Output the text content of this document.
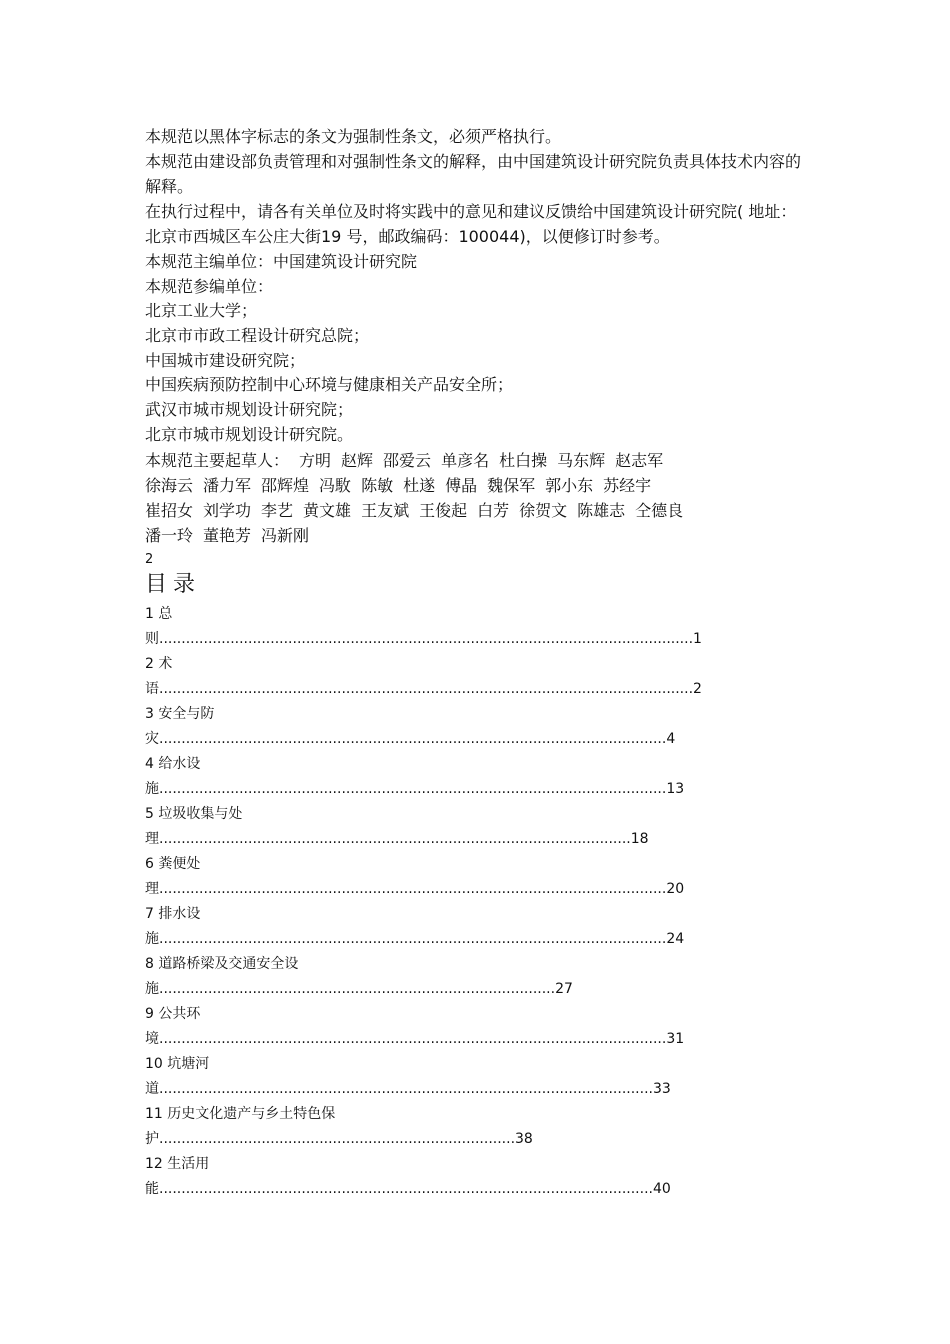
本规范以黑体字标志的条文为强制性条文，必须严格执行。

本规范由建设部负责管理和对强制性条文的解释，由中国建筑设计研究院负责具体技术内容的解释。

在执行过程中，请各有关单位及时将实践中的意见和建议反馈给中国建筑设计研究院( 地址：北京市西城区车公庄大街19 号，邮政编码：100044)，以便修订时参考。

本规范主编单位：中国建筑设计研究院

本规范参编单位：

北京工业大学；

北京市市政工程设计研究总院；

中国城市建设研究院；

中国疾病预防控制中心环境与健康相关产品安全所；

武汉市城市规划设计研究院；

北京市城市规划设计研究院。

本规范主要起草人： 方明 赵辉 邵爱云 单彦名 杜白操 马东辉 赵志军

徐海云 潘力军 邵辉煌 冯駇 陈敏 杜遂 傅晶 魏保军 郭小东 苏经宇

崔招女 刘学功 李艺 黄文雄 王友斌 王俊起 白芳 徐贺文 陈雄志 仝德良

潘一玲 董艳芳 冯新刚

2
目录
1 总
则........................................................................................................................1
2 术
语........................................................................................................................2
3 安全与防
灾..................................................................................................................4
4 给水设
施..................................................................................................................13
5 垃圾收集与处
理..........................................................................................................18
6 粪便处
理..................................................................................................................20
7 排水设
施..................................................................................................................24
8 道路桥梁及交通安全设
施.........................................................................................27
9 公共环
境..................................................................................................................31
10 坑塘河
道...............................................................................................................33
11 历史文化遗产与乡土特色保
护................................................................................38
12 生活用
能...............................................................................................................40
